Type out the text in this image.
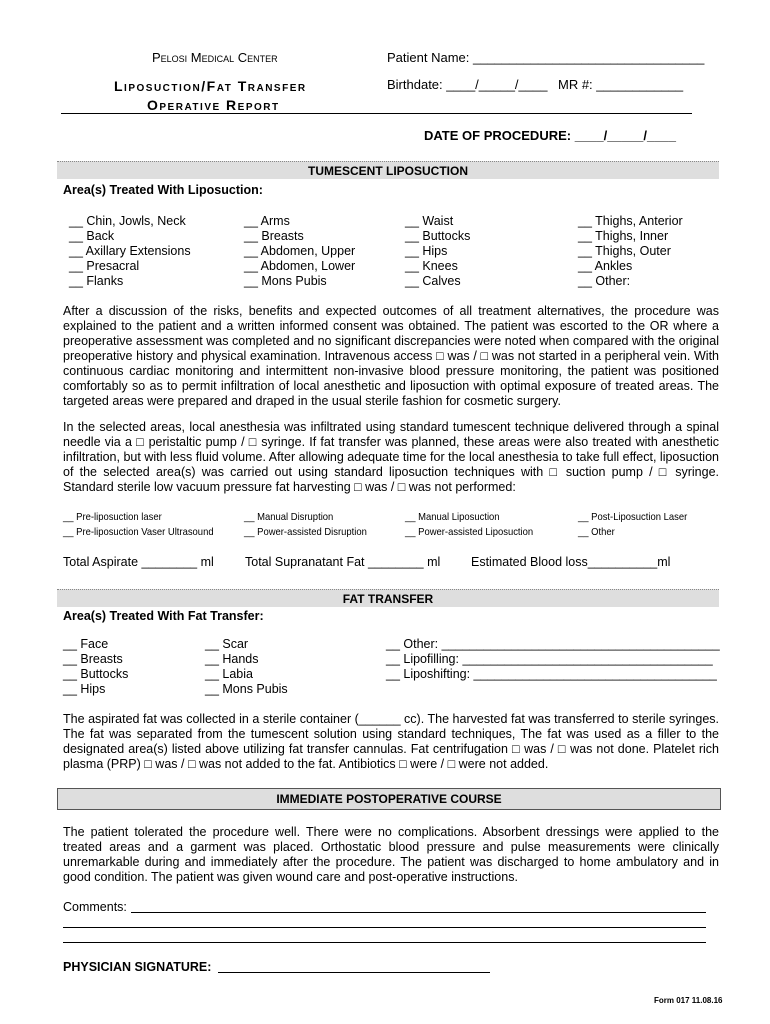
Pelosi Medical Center
Liposuction/Fat Transfer
Operative Report
Patient Name: ________________________________
Birthdate: ____/_____/____ MR #: ____________
DATE OF PROCEDURE: ____/_____/____
TUMESCENT LIPOSUCTION
Area(s) Treated With Liposuction:
__ Chin, Jowls, Neck
__ Back
__ Axillary Extensions
__ Presacral
__ Flanks
__ Arms
__ Breasts
__ Abdomen, Upper
__ Abdomen, Lower
__ Mons Pubis
__ Waist
__ Buttocks
__ Hips
__ Knees
__ Calves
__ Thighs, Anterior
__ Thighs, Inner
__ Thighs, Outer
__ Ankles
__ Other:
After a discussion of the risks, benefits and expected outcomes of all treatment alternatives, the procedure was explained to the patient and a written informed consent was obtained. The patient was escorted to the OR where a preoperative assessment was completed and no significant discrepancies were noted when compared with the original preoperative history and physical examination. Intravenous access □ was / □ was not started in a peripheral vein. With continuous cardiac monitoring and intermittent non-invasive blood pressure monitoring, the patient was positioned comfortably so as to permit infiltration of local anesthetic and liposuction with optimal exposure of treated areas. The targeted areas were prepared and draped in the usual sterile fashion for cosmetic surgery.
In the selected areas, local anesthesia was infiltrated using standard tumescent technique delivered through a spinal needle via a □ peristaltic pump / □ syringe. If fat transfer was planned, these areas were also treated with anesthetic infiltration, but with less fluid volume. After allowing adequate time for the local anesthesia to take full effect, liposuction of the selected area(s) was carried out using standard liposuction techniques with □ suction pump / □ syringe. Standard sterile low vacuum pressure fat harvesting □ was / □ was not performed:
__ Pre-liposuction laser
__ Pre-liposuction Vaser Ultrasound
__ Manual Disruption
__ Power-assisted Disruption
__ Manual Liposuction
__ Power-assisted Liposuction
__ Post-Liposuction Laser
__ Other
Total Aspirate ________ ml Total Supranatant Fat ________ ml Estimated Blood loss__________ml
FAT TRANSFER
Area(s) Treated With Fat Transfer:
__ Face
__ Breasts
__ Buttocks
__ Hips
__ Scar
__ Hands
__ Labia
__ Mons Pubis
__ Other: ________________________________________
__ Lipofilling: ____________________________________
__ Liposhifting: ___________________________________
The aspirated fat was collected in a sterile container (______ cc). The harvested fat was transferred to sterile syringes. The fat was separated from the tumescent solution using standard techniques, The fat was used as a filler to the designated area(s) listed above utilizing fat transfer cannulas. Fat centrifugation □ was / □ was not done. Platelet rich plasma (PRP) □ was / □ was not added to the fat. Antibiotics □ were / □ were not added.
IMMEDIATE POSTOPERATIVE COURSE
The patient tolerated the procedure well. There were no complications. Absorbent dressings were applied to the treated areas and a garment was placed. Orthostatic blood pressure and pulse measurements were clinically unremarkable during and immediately after the procedure. The patient was discharged to home ambulatory and in good condition. The patient was given wound care and post-operative instructions.
Comments:
PHYSICIAN SIGNATURE:
Form 017 11.08.16
